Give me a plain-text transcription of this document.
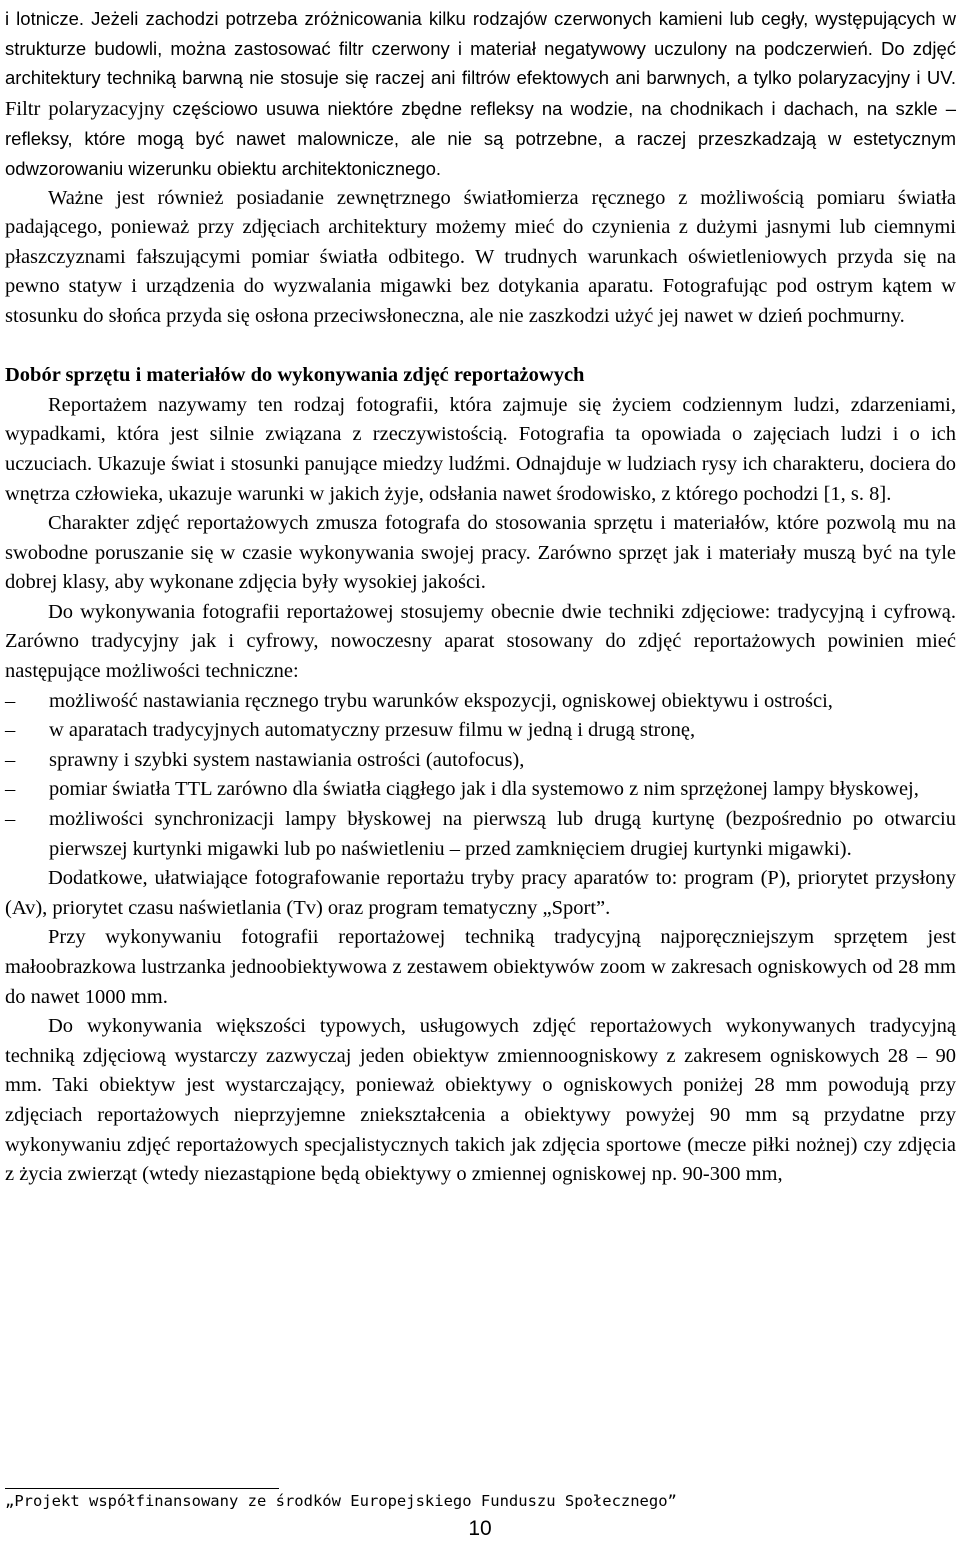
i lotnicze. Jeżeli zachodzi potrzeba zróżnicowania kilku rodzajów czerwonych kamieni lub cegły, występujących w strukturze budowli, można zastosować filtr czerwony i materiał negatywowy uczulony na podczerwień. Do zdjęć architektury techniką barwną nie stosuje się raczej ani filtrów efektowych ani barwnych, a tylko polaryzacyjny i UV. Filtr polaryzacyjny częściowo usuwa niektóre zbędne refleksy na wodzie, na chodnikach i dachach, na szkle – refleksy, które mogą być nawet malownicze, ale nie są potrzebne, a raczej przeszkadzają w estetycznym odwzorowaniu wizerunku obiektu architektonicznego.

Ważne jest również posiadanie zewnętrznego światłomierza ręcznego z możliwością pomiaru światła padającego, ponieważ przy zdjęciach architektury możemy mieć do czynienia z dużymi jasnymi lub ciemnymi płaszczyznami fałszującymi pomiar światła odbitego. W trudnych warunkach oświetleniowych przyda się na pewno statyw i urządzenia do wyzwalania migawki bez dotykania aparatu. Fotografując pod ostrym kątem w stosunku do słońca przyda się osłona przeciwsłoneczna, ale nie zaszkodzi użyć jej nawet w dzień pochmurny.

Dobór sprzętu i materiałów do wykonywania zdjęć reportażowych

Reportażem nazywamy ten rodzaj fotografii, która zajmuje się życiem codziennym ludzi, zdarzeniami, wypadkami, która jest silnie związana z rzeczywistością. Fotografia ta opowiada o zajęciach ludzi i o ich uczuciach. Ukazuje świat i stosunki panujące miedzy ludźmi. Odnajduje w ludziach rysy ich charakteru, dociera do wnętrza człowieka, ukazuje warunki w jakich żyje, odsłania nawet środowisko, z którego pochodzi [1, s. 8].

Charakter zdjęć reportażowych zmusza fotografa do stosowania sprzętu i materiałów, które pozwolą mu na swobodne poruszanie się w czasie wykonywania swojej pracy. Zarówno sprzęt jak i materiały muszą być na tyle dobrej klasy, aby wykonane zdjęcia były wysokiej jakości.

Do wykonywania fotografii reportażowej stosujemy obecnie dwie techniki zdjęciowe: tradycyjną i cyfrową. Zarówno tradycyjny jak i cyfrowy, nowoczesny aparat stosowany do zdjęć reportażowych powinien mieć następujące możliwości techniczne:

– możliwość nastawiania ręcznego trybu warunków ekspozycji, ogniskowej obiektywu i ostrości,
– w aparatach tradycyjnych automatyczny przesuw filmu w jedną i drugą stronę,
– sprawny i szybki system nastawiania ostrości (autofocus),
– pomiar światła TTL zarówno dla światła ciągłego jak i dla systemowo z nim sprzężonej lampy błyskowej,
– możliwości synchronizacji lampy błyskowej na pierwszą lub drugą kurtynę (bezpośrednio po otwarciu pierwszej kurtynki migawki lub po naświetleniu – przed zamknięciem drugiej kurtynki migawki).

Dodatkowe, ułatwiające fotografowanie reportażu tryby pracy aparatów to: program (P), priorytet przysłony (Av), priorytet czasu naświetlania (Tv) oraz program tematyczny „Sport”.

Przy wykonywaniu fotografii reportażowej techniką tradycyjną najporęczniejszym sprzętem jest małoobrazkowa lustrzanka jednoobiektywowa z zestawem obiektywów zoom w zakresach ogniskowych od 28 mm do nawet 1000 mm.

Do wykonywania większości typowych, usługowych zdjęć reportażowych wykonywanych tradycyjną techniką zdjęciową wystarczy zazwyczaj jeden obiektyw zmiennoogniskowy z zakresem ogniskowych 28 – 90 mm. Taki obiektyw jest wystarczający, ponieważ obiektywy o ogniskowych poniżej 28 mm powodują przy zdjęciach reportażowych nieprzyjemne zniekształcenia a obiektywy powyżej 90 mm są przydatne przy wykonywaniu zdjęć reportażowych specjalistycznych takich jak zdjęcia sportowe (mecze piłki nożnej) czy zdjęcia z życia zwierząt (wtedy niezastąpione będą obiektywy o zmiennej ogniskowej np. 90-300 mm,

„Projekt współfinansowany ze środków Europejskiego Funduszu Społecznego”
10
